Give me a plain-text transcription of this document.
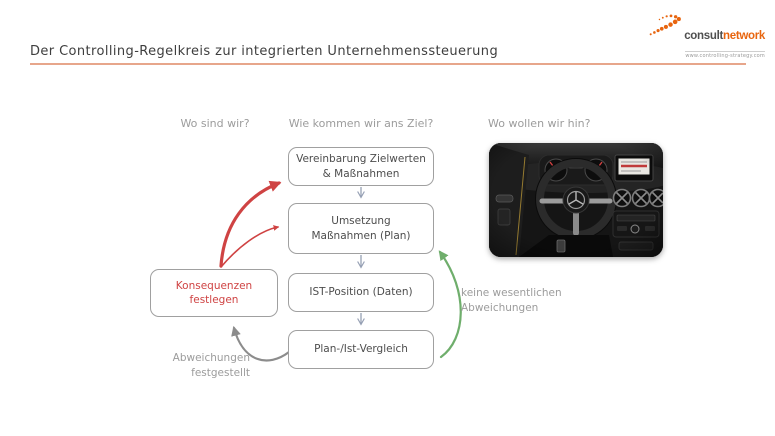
Der Controlling-Regelkreis zur integrierten Unternehmenssteuerung
consultnetwork
www.controlling-strategy.com
Wo sind wir?	Wie kommen wir ans Ziel?	Wo wollen wir hin?
Vereinbarung Zielwerten
& Maßnahmen
Umsetzung
Maßnahmen (Plan)
IST-Position (Daten)
Plan-/Ist-Vergleich
Konsequenzen
festlegen
Abweichungen
festgestellt
keine wesentlichen
Abweichungen
